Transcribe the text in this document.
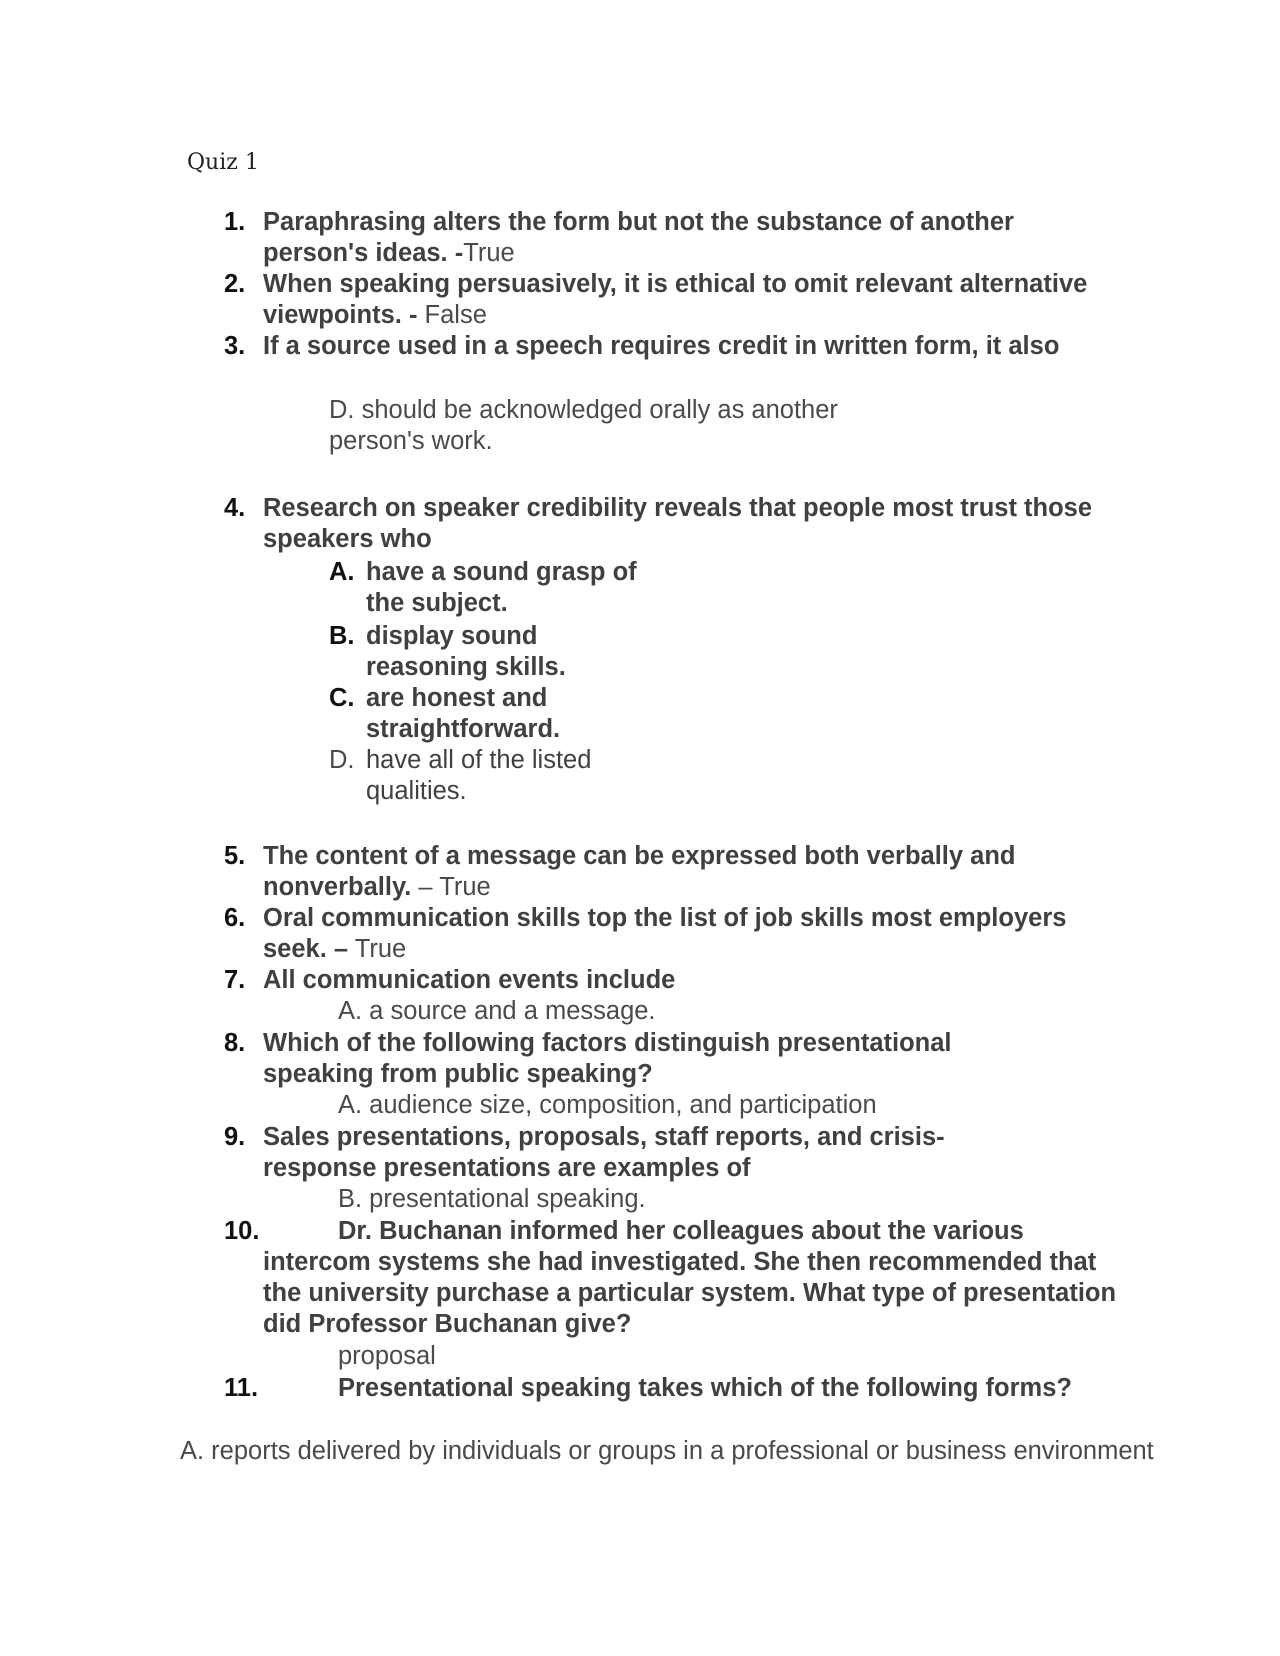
Quiz 1
1. Paraphrasing alters the form but not the substance of another person's ideas. -True
2. When speaking persuasively, it is ethical to omit relevant alternative viewpoints. - False
3. If a source used in a speech requires credit in written form, it also
D. should be acknowledged orally as another person's work.
4. Research on speaker credibility reveals that people most trust those speakers who
A. have a sound grasp of the subject.
B. display sound reasoning skills.
C. are honest and straightforward.
D. have all of the listed qualities.
5. The content of a message can be expressed both verbally and nonverbally. – True
6. Oral communication skills top the list of job skills most employers seek. – True
7. All communication events include
A. a source and a message.
8. Which of the following factors distinguish presentational speaking from public speaking?
A. audience size, composition, and participation
9. Sales presentations, proposals, staff reports, and crisis-response presentations are examples of
B. presentational speaking.
10.	Dr. Buchanan informed her colleagues about the various intercom systems she had investigated. She then recommended that the university purchase a particular system. What type of presentation did Professor Buchanan give?
proposal
11.	Presentational speaking takes which of the following forms?
A. reports delivered by individuals or groups in a professional or business environment
